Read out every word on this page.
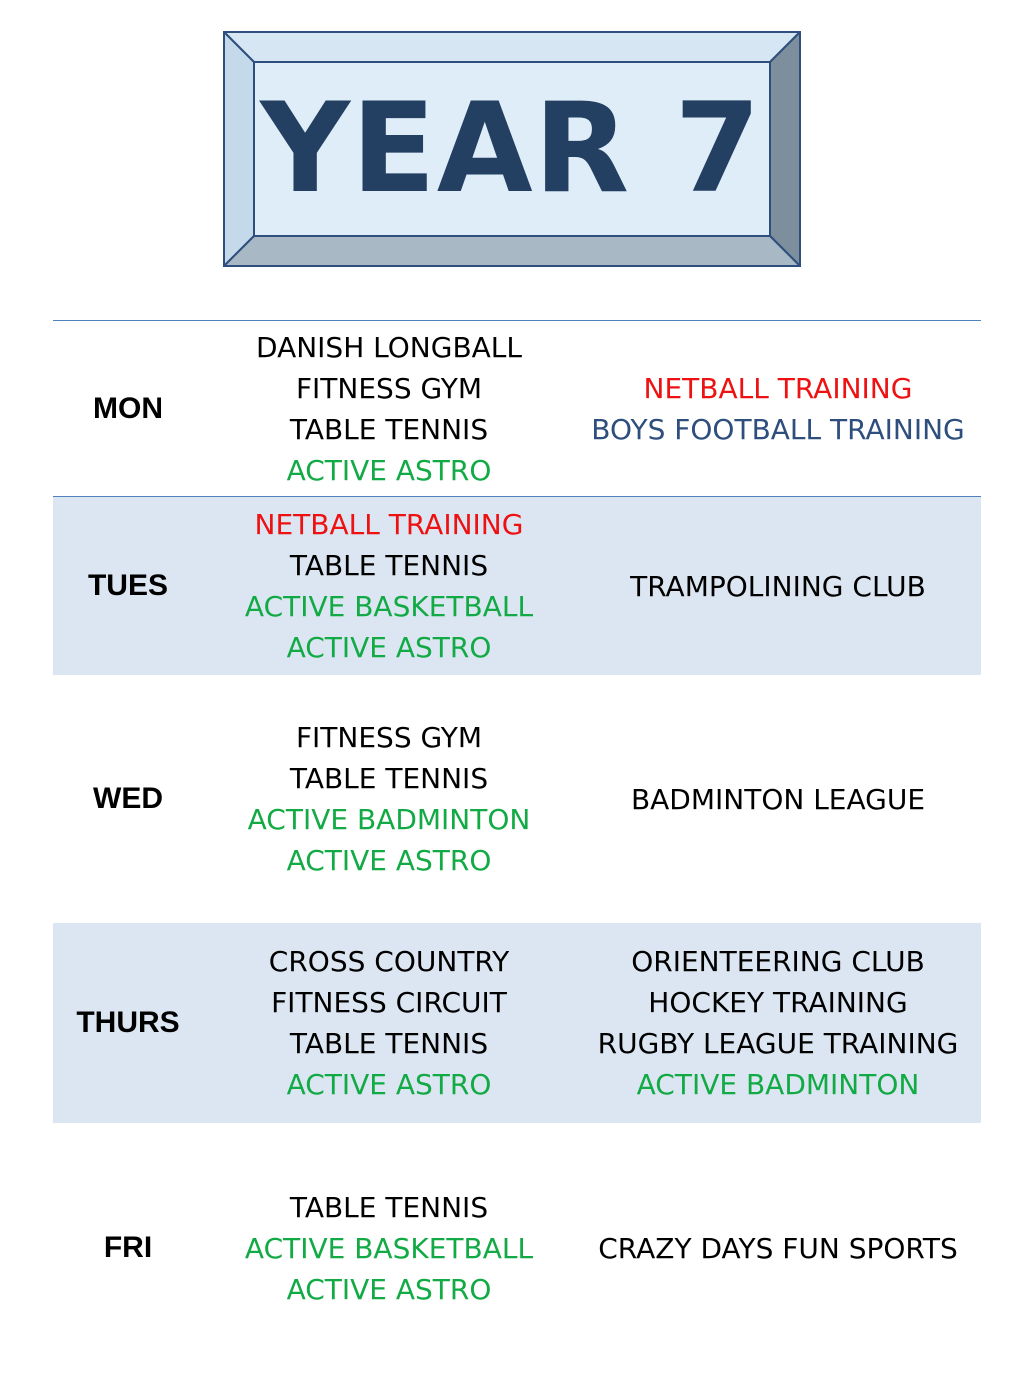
YEAR 7
MON
DANISH LONGBALL
FITNESS GYM
TABLE TENNIS
ACTIVE ASTRO
NETBALL TRAINING
BOYS FOOTBALL TRAINING
TUES
NETBALL TRAINING
TABLE TENNIS
ACTIVE BASKETBALL
ACTIVE ASTRO
TRAMPOLINING CLUB
WED
FITNESS GYM
TABLE TENNIS
ACTIVE BADMINTON
ACTIVE ASTRO
BADMINTON LEAGUE
THURS
CROSS COUNTRY
FITNESS CIRCUIT
TABLE TENNIS
ACTIVE ASTRO
ORIENTEERING CLUB
HOCKEY TRAINING
RUGBY LEAGUE TRAINING
ACTIVE BADMINTON
FRI
TABLE TENNIS
ACTIVE BASKETBALL
ACTIVE ASTRO
CRAZY DAYS FUN SPORTS
